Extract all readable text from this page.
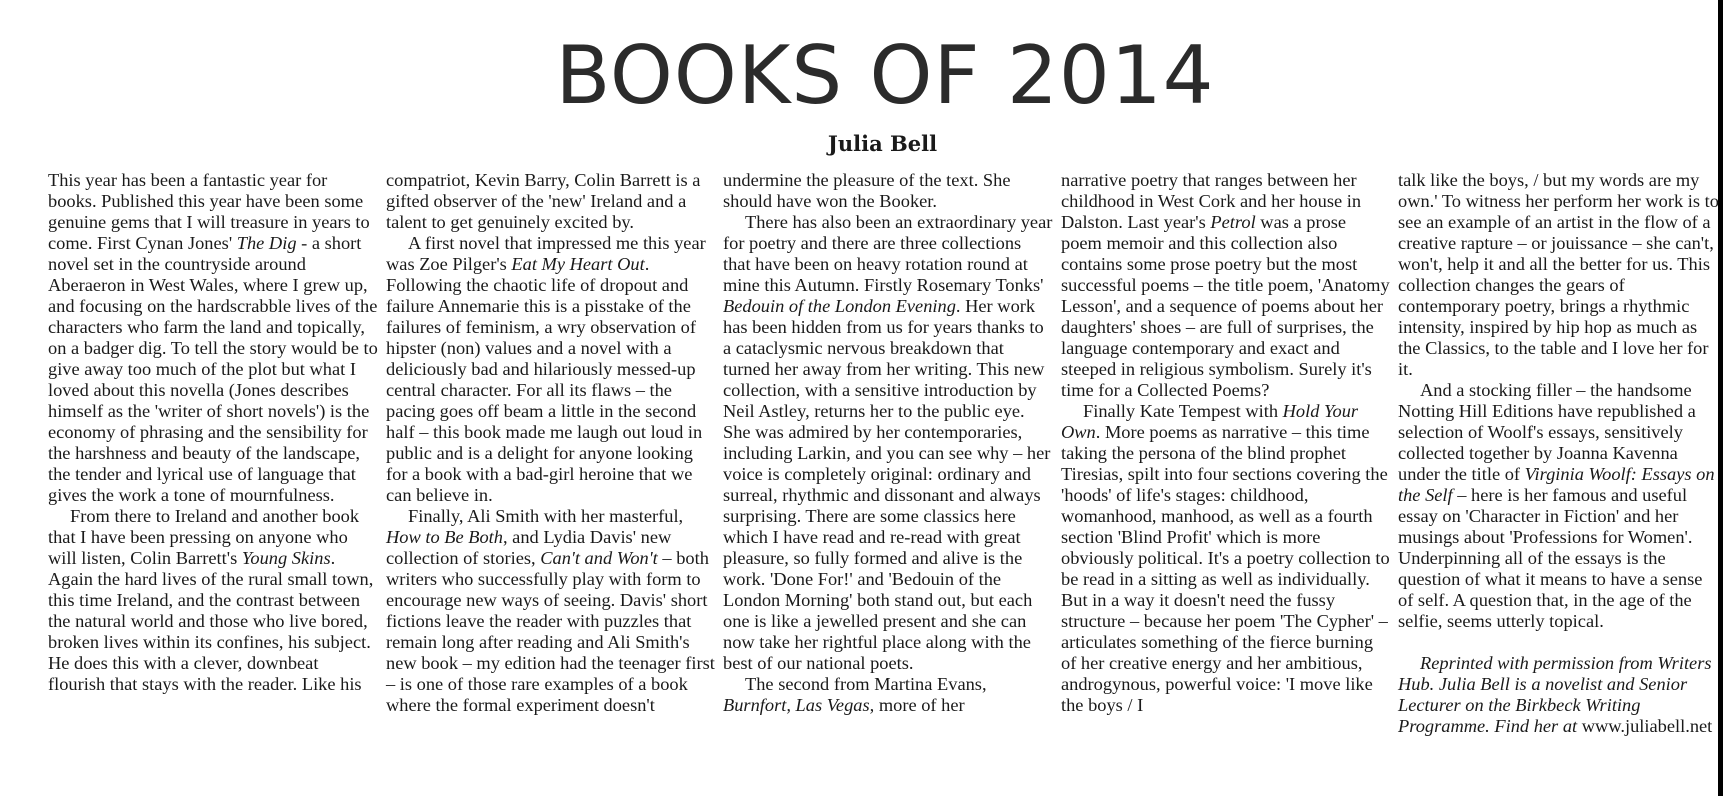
BOOKS OF 2014
Julia Bell

This year has been a fantastic year for books. Published this year have been some genuine gems that I will treasure in years to come. First Cynan Jones' The Dig - a short novel set in the countryside around Aberaeron in West Wales, where I grew up, and focusing on the hardscrabble lives of the characters who farm the land and topically, on a badger dig. To tell the story would be to give away too much of the plot but what I loved about this novella (Jones describes himself as the 'writer of short novels') is the economy of phrasing and the sensibility for the harshness and beauty of the landscape, the tender and lyrical use of language that gives the work a tone of mournfulness.

From there to Ireland and another book that I have been pressing on anyone who will listen, Colin Barrett's Young Skins. Again the hard lives of the rural small town, this time Ireland, and the contrast between the natural world and those who live bored, broken lives within its confines, his subject. He does this with a clever, downbeat flourish that stays with the reader. Like his

compatriot, Kevin Barry, Colin Barrett is a gifted observer of the 'new' Ireland and a talent to get genuinely excited by.

A first novel that impressed me this year was Zoe Pilger's Eat My Heart Out. Following the chaotic life of dropout and failure Annemarie this is a pisstake of the failures of feminism, a wry observation of hipster (non) values and a novel with a deliciously bad and hilariously messed-up central character. For all its flaws – the pacing goes off beam a little in the second half – this book made me laugh out loud in public and is a delight for anyone looking for a book with a bad-girl heroine that we can believe in.

Finally, Ali Smith with her masterful, How to Be Both, and Lydia Davis' new collection of stories, Can't and Won't – both writers who successfully play with form to encourage new ways of seeing. Davis' short fictions leave the reader with puzzles that remain long after reading and Ali Smith's new book – my edition had the teenager first – is one of those rare examples of a book where the formal experiment doesn't

undermine the pleasure of the text. She should have won the Booker.

There has also been an extraordinary year for poetry and there are three collections that have been on heavy rotation round at mine this Autumn. Firstly Rosemary Tonks' Bedouin of the London Evening. Her work has been hidden from us for years thanks to a cataclysmic nervous breakdown that turned her away from her writing. This new collection, with a sensitive introduction by Neil Astley, returns her to the public eye. She was admired by her contemporaries, including Larkin, and you can see why – her voice is completely original: ordinary and surreal, rhythmic and dissonant and always surprising. There are some classics here which I have read and re-read with great pleasure, so fully formed and alive is the work. 'Done For!' and 'Bedouin of the London Morning' both stand out, but each one is like a jewelled present and she can now take her rightful place along with the best of our national poets.

The second from Martina Evans, Burnfort, Las Vegas, more of her

narrative poetry that ranges between her childhood in West Cork and her house in Dalston. Last year's Petrol was a prose poem memoir and this collection also contains some prose poetry but the most successful poems – the title poem, 'Anatomy Lesson', and a sequence of poems about her daughters' shoes – are full of surprises, the language contemporary and exact and steeped in religious symbolism. Surely it's time for a Collected Poems?

Finally Kate Tempest with Hold Your Own. More poems as narrative – this time taking the persona of the blind prophet Tiresias, spilt into four sections covering the 'hoods' of life's stages: childhood, womanhood, manhood, as well as a fourth section 'Blind Profit' which is more obviously political. It's a poetry collection to be read in a sitting as well as individually. But in a way it doesn't need the fussy structure – because her poem 'The Cypher' – articulates something of the fierce burning of her creative energy and her ambitious, androgynous, powerful voice: 'I move like the boys / I

talk like the boys, / but my words are my own.' To witness her perform her work is to see an example of an artist in the flow of a creative rapture – or jouissance – she can't, won't, help it and all the better for us. This collection changes the gears of contemporary poetry, brings a rhythmic intensity, inspired by hip hop as much as the Classics, to the table and I love her for it.

And a stocking filler – the handsome Notting Hill Editions have republished a selection of Woolf's essays, sensitively collected together by Joanna Kavenna under the title of Virginia Woolf: Essays on the Self – here is her famous and useful essay on 'Character in Fiction' and her musings about 'Professions for Women'. Underpinning all of the essays is the question of what it means to have a sense of self. A question that, in the age of the selfie, seems utterly topical.

Reprinted with permission from Writers Hub. Julia Bell is a novelist and Senior Lecturer on the Birkbeck Writing Programme. Find her at www.juliabell.net
